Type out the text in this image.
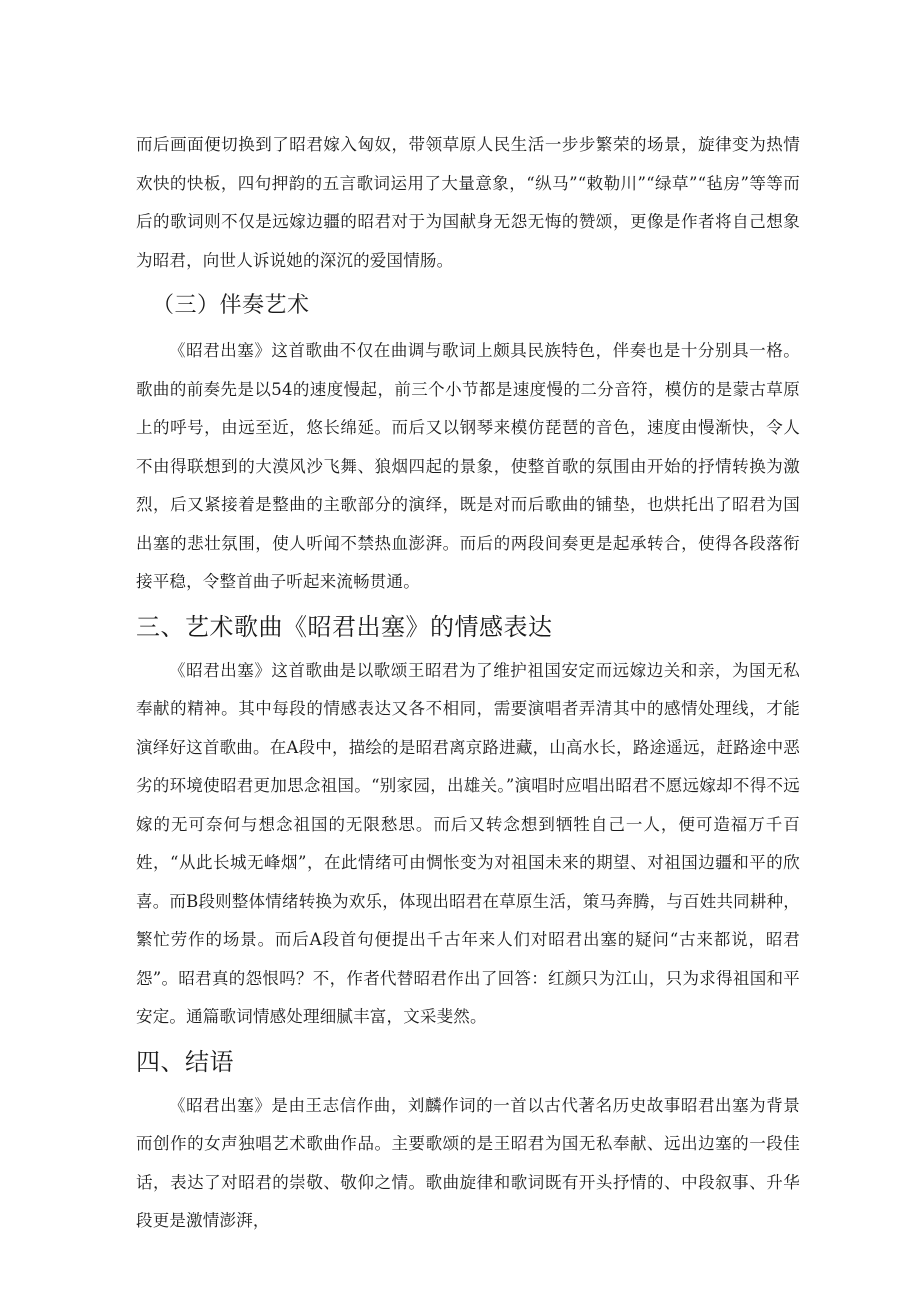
而后画面便切换到了昭君嫁入匈奴，带领草原人民生活一步步繁荣的场景，旋律变为热情欢快的快板，四句押韵的五言歌词运用了大量意象，“纵马”“敕勒川”“绿草”“毡房”等等而后的歌词则不仅是远嫁边疆的昭君对于为国献身无怨无悔的赞颂，更像是作者将自己想象为昭君，向世人诉说她的深沉的爱国情肠。

（三）伴奏艺术

《昭君出塞》这首歌曲不仅在曲调与歌词上颇具民族特色，伴奏也是十分别具一格。歌曲的前奏先是以54的速度慢起，前三个小节都是速度慢的二分音符，模仿的是蒙古草原上的呼号，由远至近，悠长绵延。而后又以钢琴来模仿琵琶的音色，速度由慢渐快，令人不由得联想到的大漠风沙飞舞、狼烟四起的景象，使整首歌的氛围由开始的抒情转换为激烈，后又紧接着是整曲的主歌部分的演绎，既是对而后歌曲的铺垫，也烘托出了昭君为国出塞的悲壮氛围，使人听闻不禁热血澎湃。而后的两段间奏更是起承转合，使得各段落衔接平稳，令整首曲子听起来流畅贯通。

三、艺术歌曲《昭君出塞》的情感表达

《昭君出塞》这首歌曲是以歌颂王昭君为了维护祖国安定而远嫁边关和亲，为国无私奉献的精神。其中每段的情感表达又各不相同，需要演唱者弄清其中的感情处理线，才能演绎好这首歌曲。在A段中，描绘的是昭君离京路进藏，山高水长，路途遥远，赶路途中恶劣的环境使昭君更加思念祖国。“别家园，出雄关。”演唱时应唱出昭君不愿远嫁却不得不远嫁的无可奈何与想念祖国的无限愁思。而后又转念想到牺牲自己一人，便可造福万千百姓，“从此长城无峰烟”，在此情绪可由惆怅变为对祖国未来的期望、对祖国边疆和平的欣喜。而B段则整体情绪转换为欢乐，体现出昭君在草原生活，策马奔腾，与百姓共同耕种，繁忙劳作的场景。而后A段首句便提出千古年来人们对昭君出塞的疑问“古来都说，昭君怨”。昭君真的怨恨吗？不，作者代替昭君作出了回答：红颜只为江山，只为求得祖国和平安定。通篇歌词情感处理细腻丰富，文采斐然。

四、结语

《昭君出塞》是由王志信作曲，刘麟作词的一首以古代著名历史故事昭君出塞为背景而创作的女声独唱艺术歌曲作品。主要歌颂的是王昭君为国无私奉献、远出边塞的一段佳话，表达了对昭君的崇敬、敬仰之情。歌曲旋律和歌词既有开头抒情的、中段叙事、升华段更是激情澎湃，
